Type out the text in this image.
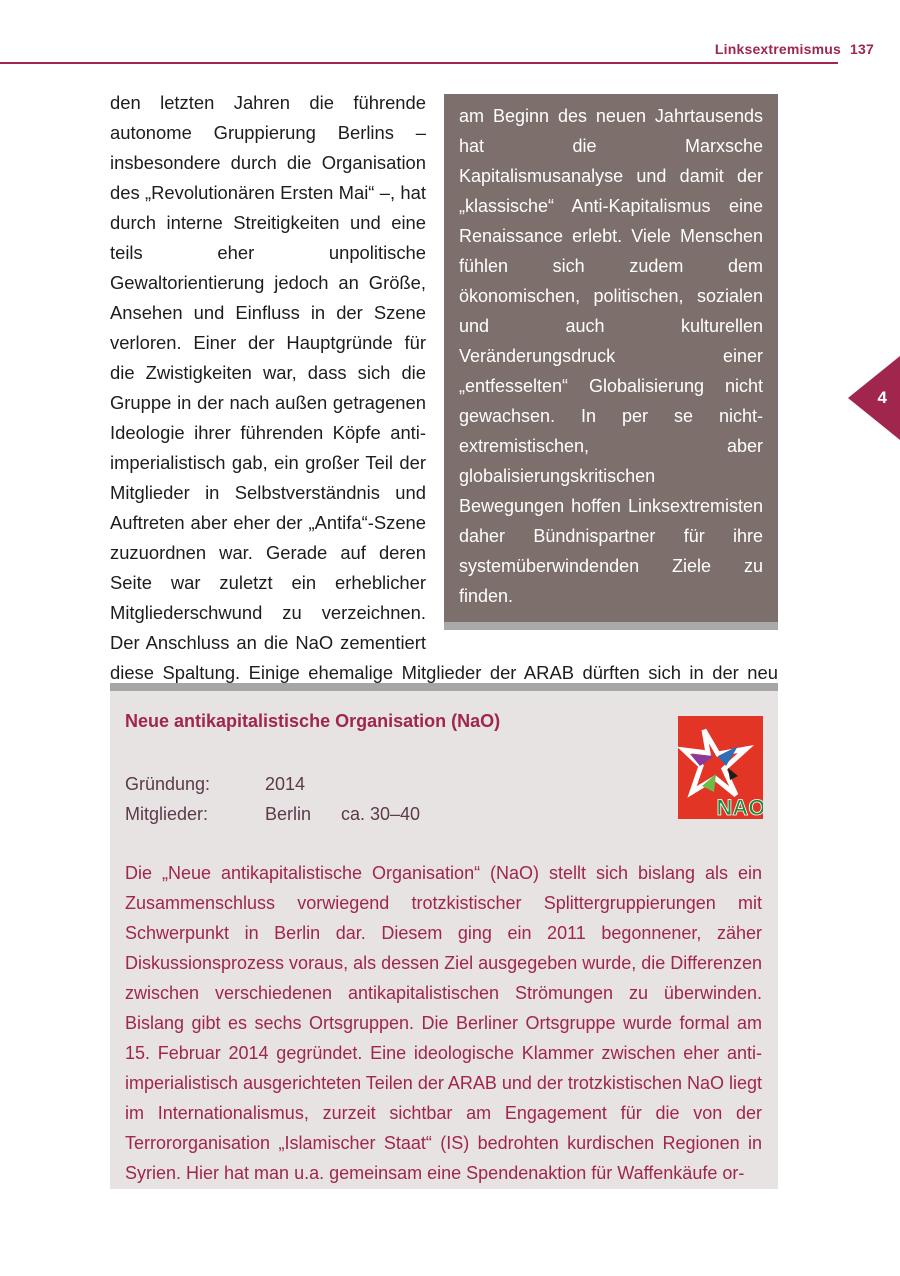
Linksextremismus 137
4
am Beginn des neuen Jahrtausends hat die Marxsche Kapitalismusanalyse und damit der „klassische“ Anti-Kapitalismus eine Renaissance erlebt. Viele Menschen fühlen sich zudem dem ökonomischen, politischen, sozialen und auch kulturellen Veränderungsdruck einer „entfesselten“ Globalisierung nicht gewachsen. In per se nicht-extremistischen, aber globalisierungskritischen Bewegungen hoffen Linksextremisten daher Bündnispartner für ihre systemüberwindenden Ziele zu finden.

den letzten Jahren die führende autonome Gruppierung Berlins – insbesondere durch die Organisation des „Revolutionären Ersten Mai“ –, hat durch interne Streitigkeiten und eine teils eher unpolitische Gewaltorientierung jedoch an Größe, Ansehen und Einfluss in der Szene verloren. Einer der Hauptgründe für die Zwistigkeiten war, dass sich die Gruppe in der nach außen getragenen Ideologie ihrer führenden Köpfe anti-imperialistisch gab, ein großer Teil der Mitglieder in Selbstverständnis und Auftreten aber eher der „Antifa“-Szene zuzuordnen war. Gerade auf deren Seite war zuletzt ein erheblicher Mitgliederschwund zu verzeichnen. Der Anschluss an die NaO zementiert diese Spaltung. Einige ehemalige Mitglieder der ARAB dürften sich in der neu

Neue antikapitalistische Organisation (NaO)
Gründung:	2014
Mitglieder:	Berlin	ca. 30–40	NAO

Die „Neue antikapitalistische Organisation“ (NaO) stellt sich bislang als ein Zusammenschluss vorwiegend trotzkistischer Splittergruppierungen mit Schwerpunkt in Berlin dar. Diesem ging ein 2011 begonnener, zäher Diskussionsprozess voraus, als dessen Ziel ausgegeben wurde, die Differenzen zwischen verschiedenen antikapitalistischen Strömungen zu überwinden. Bislang gibt es sechs Ortsgruppen. Die Berliner Ortsgruppe wurde formal am 15. Februar 2014 gegründet. Eine ideologische Klammer zwischen eher anti-imperialistisch ausgerichteten Teilen der ARAB und der trotzkistischen NaO liegt im Internationalismus, zurzeit sichtbar am Engagement für die von der Terrororganisation „Islamischer Staat“ (IS) bedrohten kurdischen Regionen in Syrien. Hier hat man u.a. gemeinsam eine Spendenaktion für Waffenkäufe or-
